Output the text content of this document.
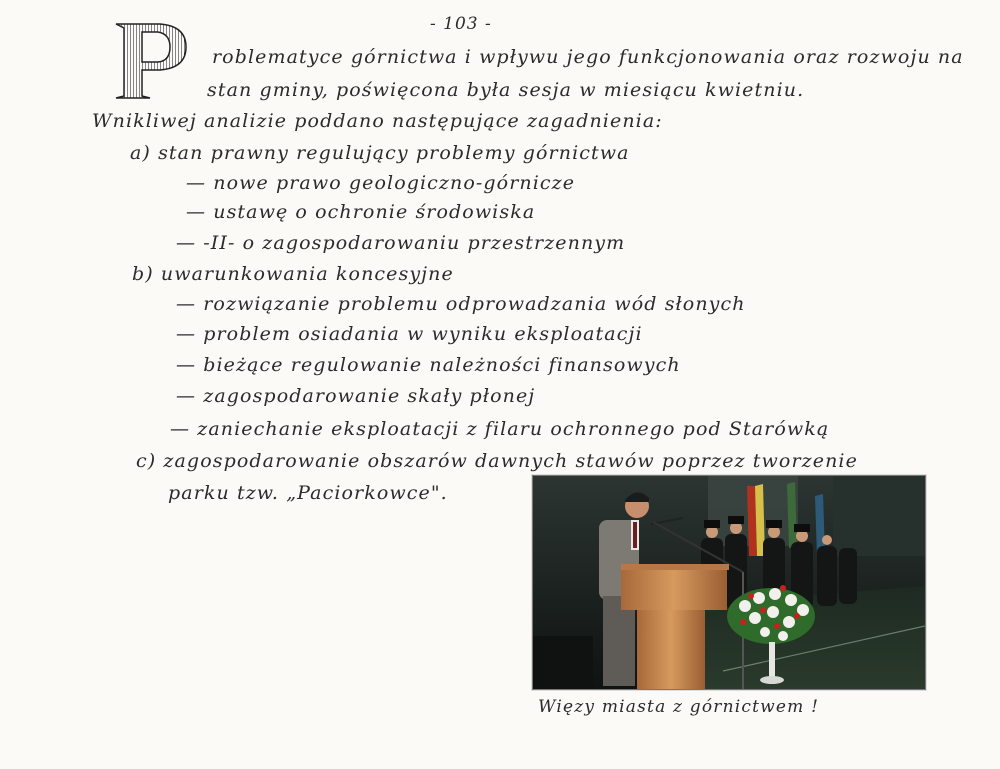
- 103 -
P
roblematyce górnictwa i wpływu jego funkcjonowania oraz rozwoju na
stan gminy, poświęcona była sesja w miesiącu kwietniu.
Wnikliwej analizie poddano następujące zagadnienia:
a) stan prawny regulujący problemy górnictwa
— nowe prawo geologiczno-górnicze
— ustawę o ochronie środowiska
— -II- o zagospodarowaniu przestrzennym
b) uwarunkowania koncesyjne
— rozwiązanie problemu odprowadzania wód słonych
— problem osiadania w wyniku eksploatacji
— bieżące regulowanie należności finansowych
— zagospodarowanie skały płonej
— zaniechanie eksploatacji z filaru ochronnego pod Starówką
c) zagospodarowanie obszarów dawnych stawów poprzez tworzenie
parku tzw. „Paciorkowce".
Więzy miasta z górnictwem !
